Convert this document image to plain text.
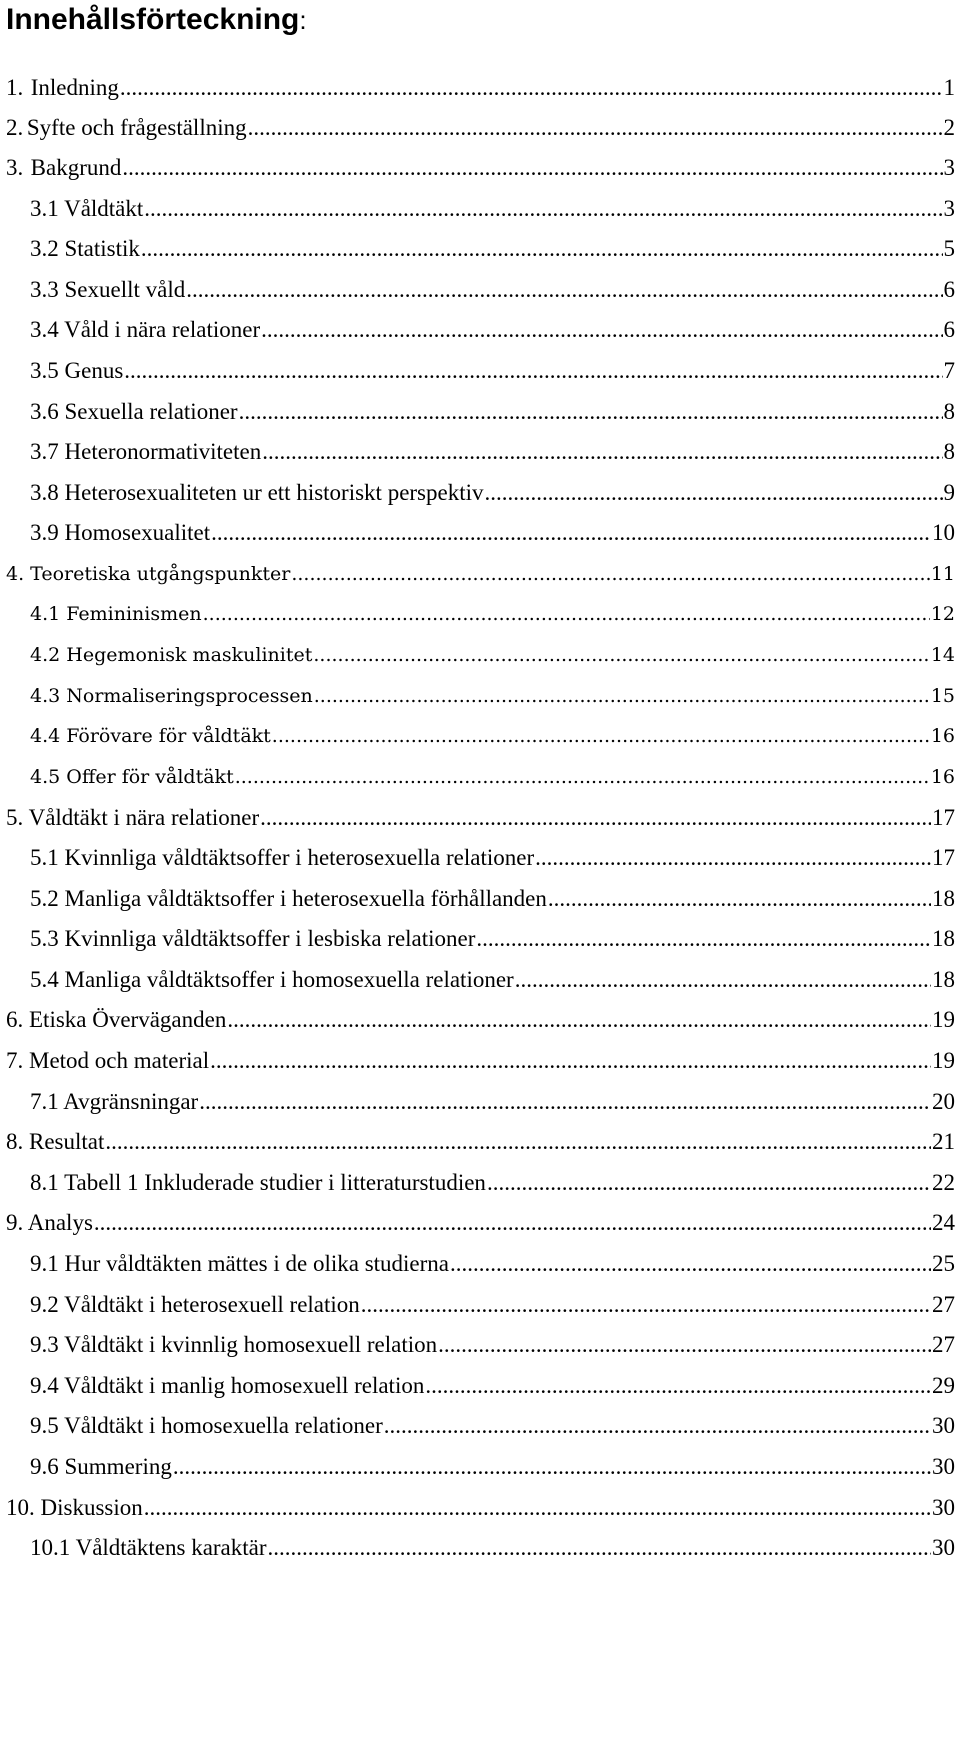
Innehållsförteckning:
1. Inledning .....	1
2. Syfte och frågeställning .....	2
3. Bakgrund .....	3
3.1 Våldtäkt .....	3
3.2 Statistik .....	5
3.3 Sexuellt våld .....	6
3.4 Våld i nära relationer .....	6
3.5 Genus .....	7
3.6 Sexuella relationer .....	8
3.7 Heteronormativiteten .....	8
3.8 Heterosexualiteten ur ett historiskt perspektiv .....	9
3.9 Homosexualitet .....	10
4. Teoretiska utgångspunkter .....	11
4.1 Femininismen .....	12
4.2 Hegemonisk maskulinitet .....	14
4.3 Normaliseringsprocessen .....	15
4.4 Förövare för våldtäkt .....	16
4.5 Offer för våldtäkt .....	16
5. Våldtäkt i nära relationer .....	17
5.1 Kvinnliga våldtäktsoffer i heterosexuella relationer .....	17
5.2 Manliga våldtäktsoffer i heterosexuella förhållanden .....	18
5.3 Kvinnliga våldtäktsoffer i lesbiska relationer .....	18
5.4 Manliga våldtäktsoffer i homosexuella relationer .....	18
6. Etiska Överväganden .....	19
7. Metod och material .....	19
7.1 Avgränsningar .....	20
8. Resultat .....	21
8.1 Tabell 1 Inkluderade studier i litteraturstudien .....	22
9. Analys .....	24
9.1 Hur våldtäkten mättes i de olika studierna .....	25
9.2 Våldtäkt i heterosexuell relation .....	27
9.3 Våldtäkt i kvinnlig homosexuell relation .....	27
9.4 Våldtäkt i manlig homosexuell relation .....	29
9.5 Våldtäkt i homosexuella relationer .....	30
9.6 Summering .....	30
10. Diskussion .....	30
10.1 Våldtäktens karaktär .....	30
